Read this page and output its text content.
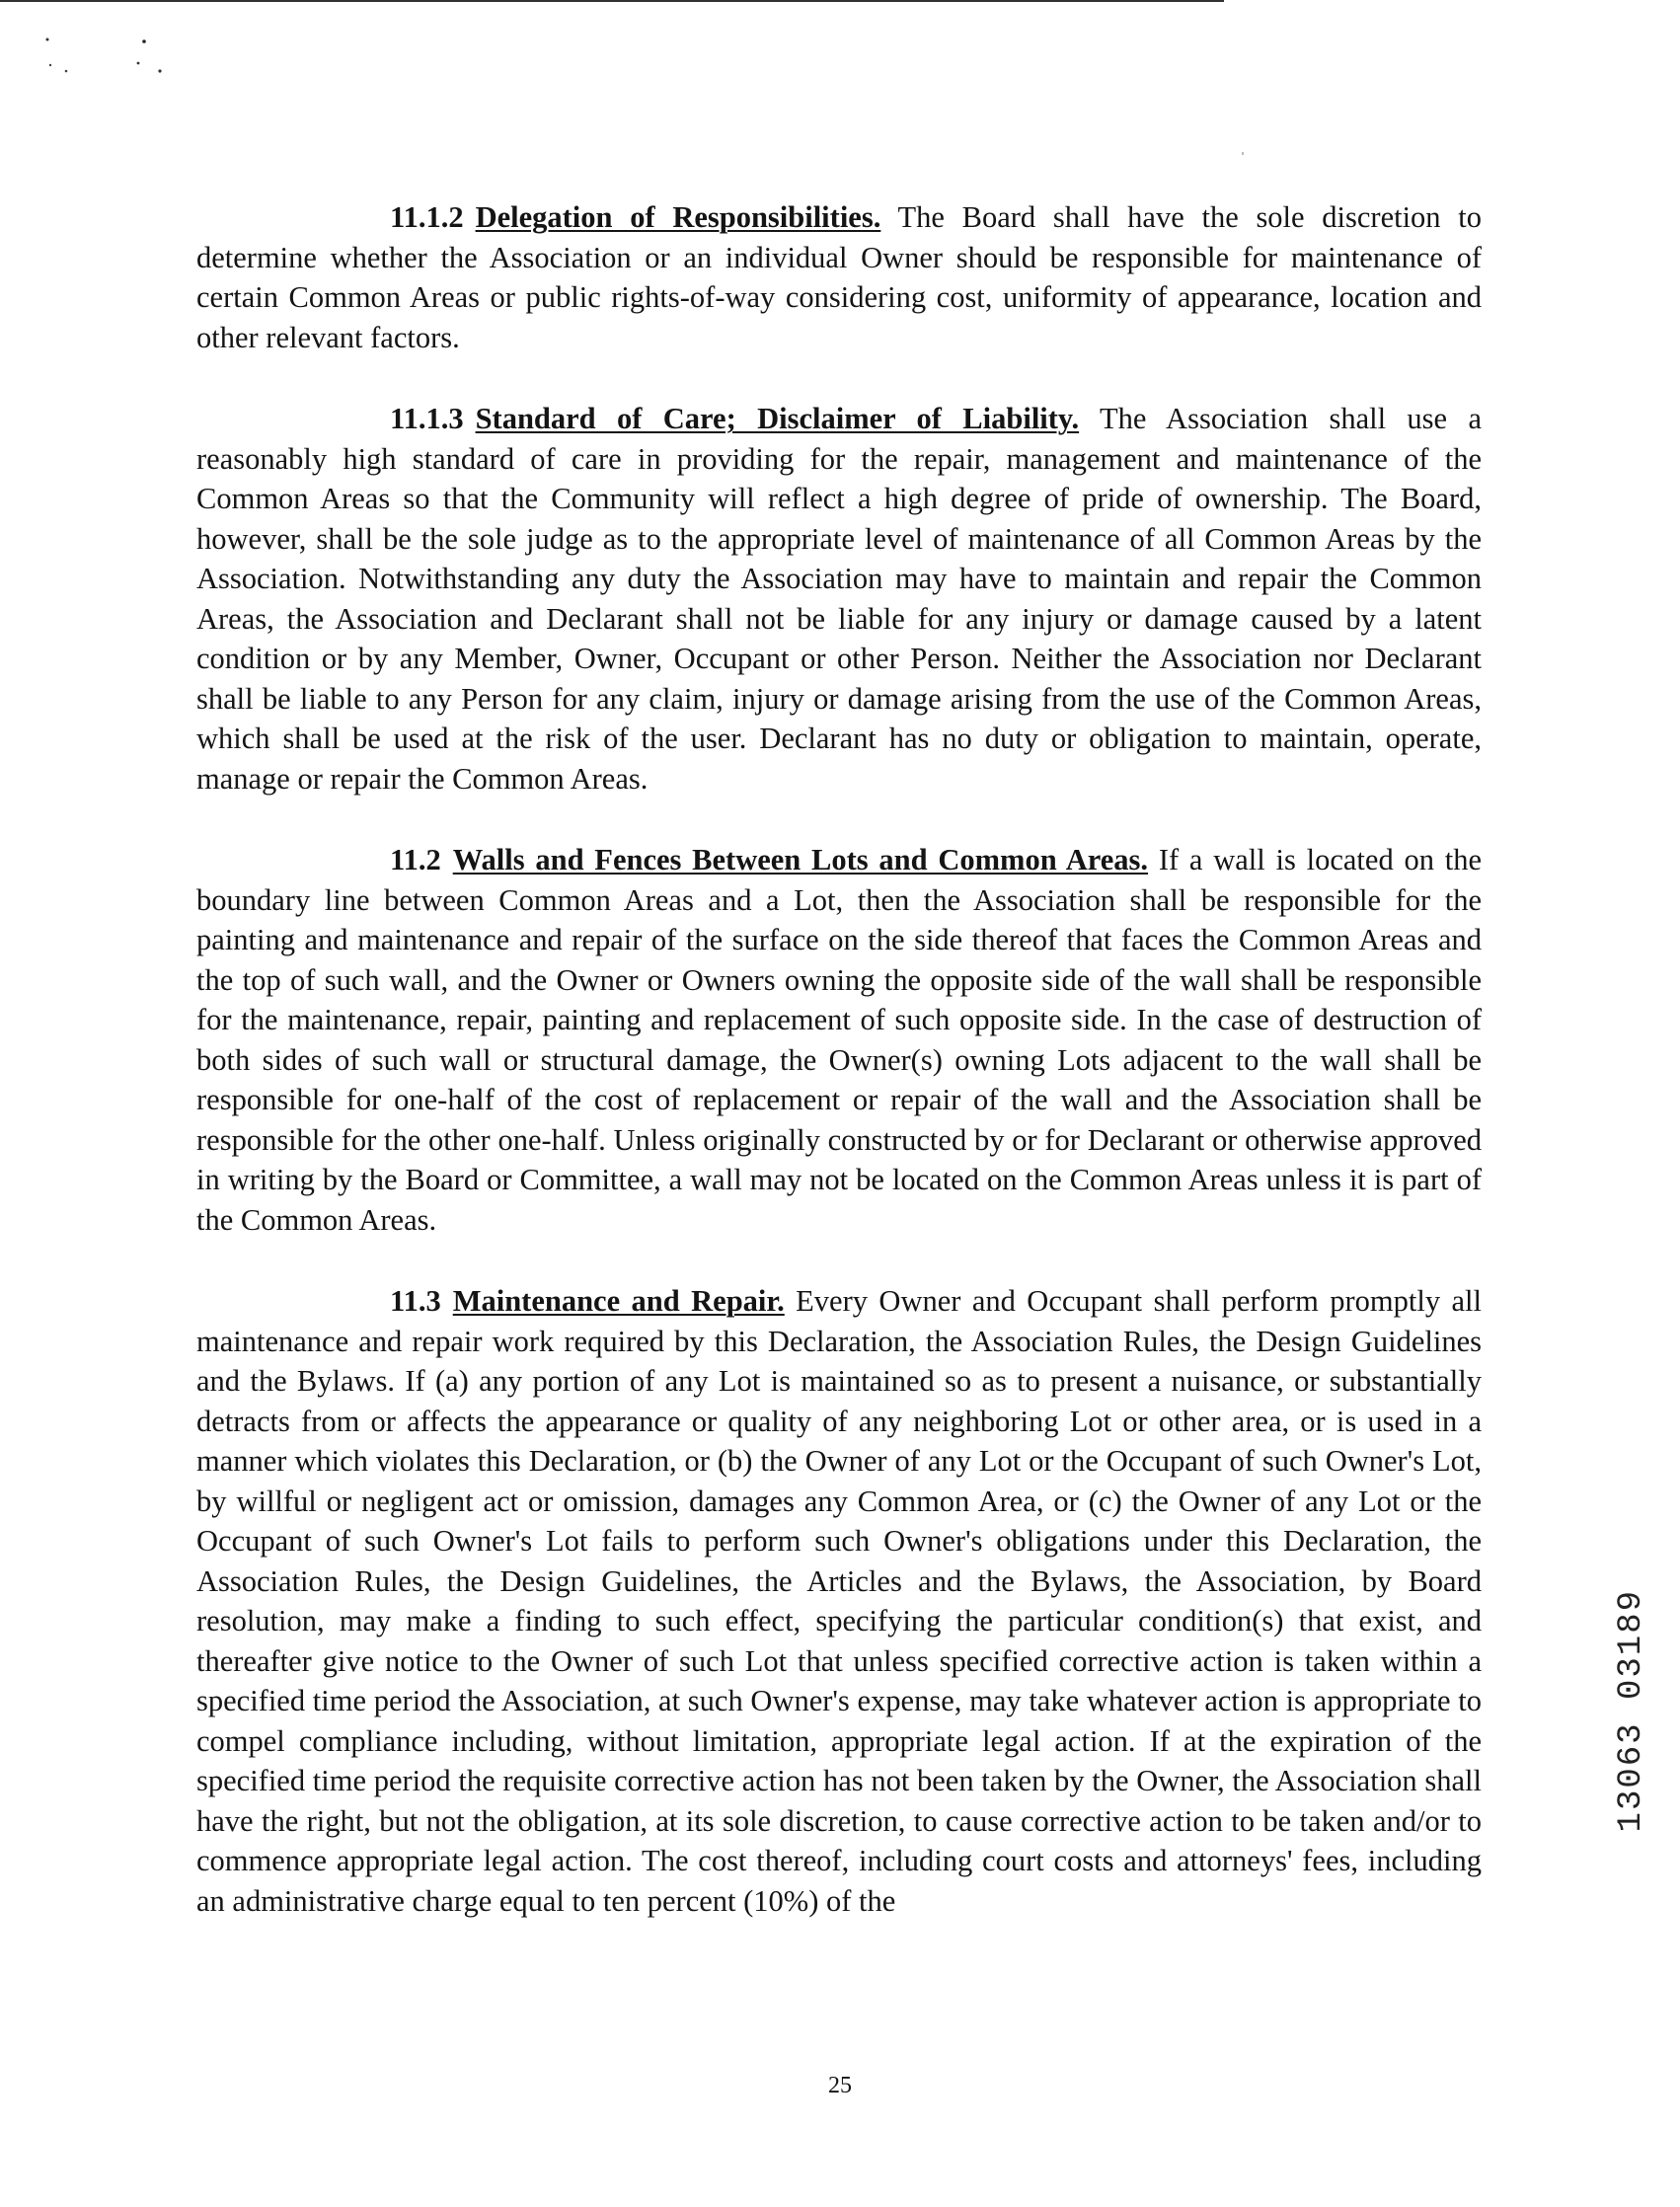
11.1.2 Delegation of Responsibilities. The Board shall have the sole discretion to determine whether the Association or an individual Owner should be responsible for maintenance of certain Common Areas or public rights-of-way considering cost, uniformity of appearance, location and other relevant factors.

11.1.3 Standard of Care; Disclaimer of Liability. The Association shall use a reasonably high standard of care in providing for the repair, management and maintenance of the Common Areas so that the Community will reflect a high degree of pride of ownership. The Board, however, shall be the sole judge as to the appropriate level of maintenance of all Common Areas by the Association. Notwithstanding any duty the Association may have to maintain and repair the Common Areas, the Association and Declarant shall not be liable for any injury or damage caused by a latent condition or by any Member, Owner, Occupant or other Person. Neither the Association nor Declarant shall be liable to any Person for any claim, injury or damage arising from the use of the Common Areas, which shall be used at the risk of the user. Declarant has no duty or obligation to maintain, operate, manage or repair the Common Areas.

11.2 Walls and Fences Between Lots and Common Areas. If a wall is located on the boundary line between Common Areas and a Lot, then the Association shall be responsible for the painting and maintenance and repair of the surface on the side thereof that faces the Common Areas and the top of such wall, and the Owner or Owners owning the opposite side of the wall shall be responsible for the maintenance, repair, painting and replacement of such opposite side. In the case of destruction of both sides of such wall or structural damage, the Owner(s) owning Lots adjacent to the wall shall be responsible for one-half of the cost of replacement or repair of the wall and the Association shall be responsible for the other one-half. Unless originally constructed by or for Declarant or otherwise approved in writing by the Board or Committee, a wall may not be located on the Common Areas unless it is part of the Common Areas.

11.3 Maintenance and Repair. Every Owner and Occupant shall perform promptly all maintenance and repair work required by this Declaration, the Association Rules, the Design Guidelines and the Bylaws. If (a) any portion of any Lot is maintained so as to present a nuisance, or substantially detracts from or affects the appearance or quality of any neighboring Lot or other area, or is used in a manner which violates this Declaration, or (b) the Owner of any Lot or the Occupant of such Owner's Lot, by willful or negligent act or omission, damages any Common Area, or (c) the Owner of any Lot or the Occupant of such Owner's Lot fails to perform such Owner's obligations under this Declaration, the Association Rules, the Design Guidelines, the Articles and the Bylaws, the Association, by Board resolution, may make a finding to such effect, specifying the particular condition(s) that exist, and thereafter give notice to the Owner of such Lot that unless specified corrective action is taken within a specified time period the Association, at such Owner's expense, may take whatever action is appropriate to compel compliance including, without limitation, appropriate legal action. If at the expiration of the specified time period the requisite corrective action has not been taken by the Owner, the Association shall have the right, but not the obligation, at its sole discretion, to cause corrective action to be taken and/or to commence appropriate legal action. The cost thereof, including court costs and attorneys' fees, including an administrative charge equal to ten percent (10%) of the

25
13063 03189
